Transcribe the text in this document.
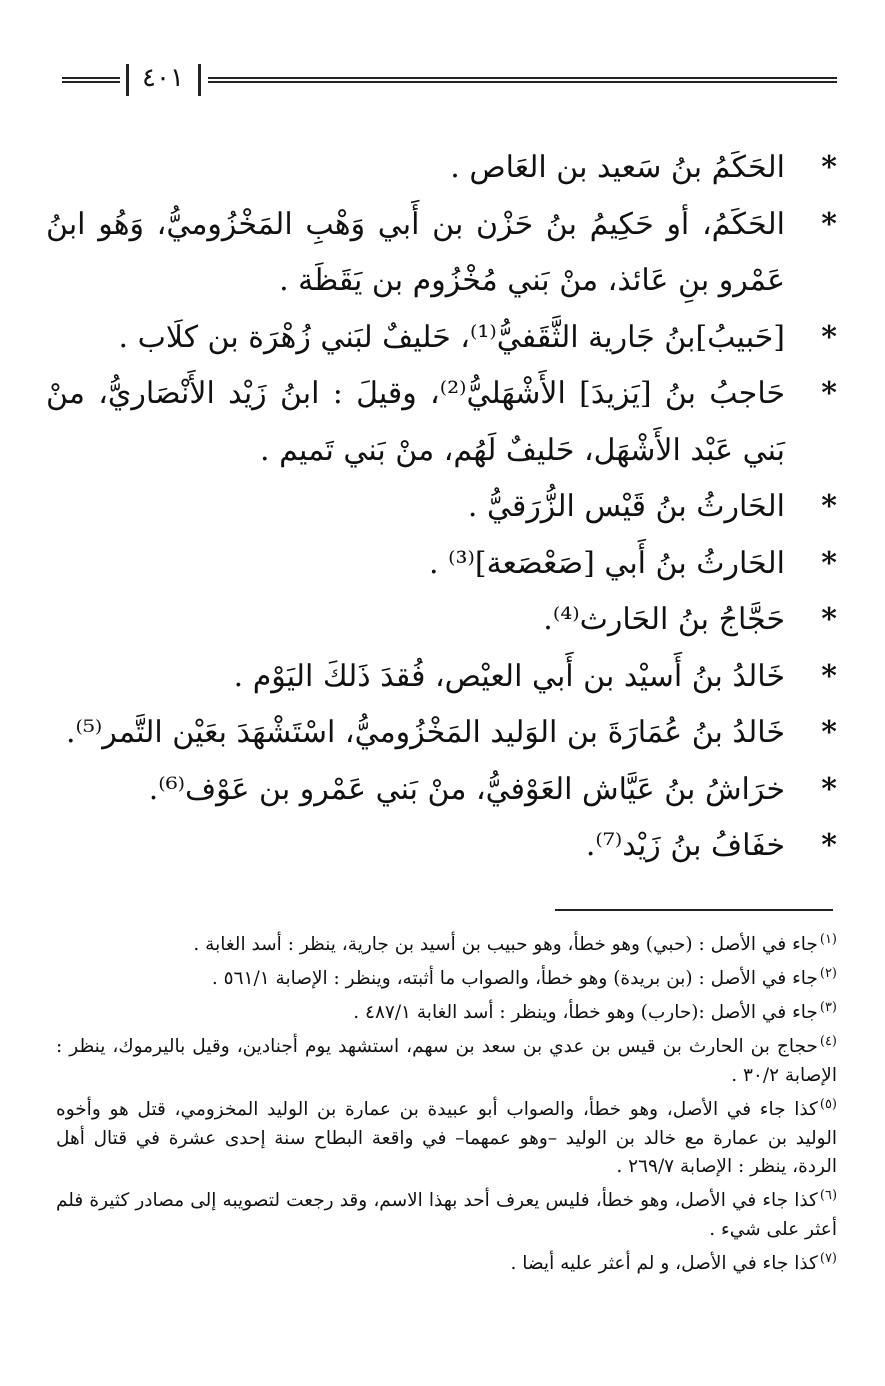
٤٠١
*
الحَكَمُ بنُ سَعيد بن العَاص .
*
الحَكَمُ، أو حَكِيمُ بنُ حَزْن بن أَبي وَهْبِ المَخْزُوميُّ، وَهُو ابنُ عَمْرو بنِ عَائذ، منْ بَني مُخْزُوم بن يَقَظَة .
*
[حَبيبُ]بنُ جَارية الثَّقَفيُّ⁽¹⁾، حَليفٌ لبَني زُهْرَة بن كلَاب .
*
حَاجبُ بنُ [يَزيدَ] الأَشْهَليُّ⁽²⁾، وقيلَ : ابنُ زَيْد الأَنْصَاريُّ، منْ بَني عَبْد الأَشْهَل، حَليفٌ لَهُم، منْ بَني تَميم .
*
الحَارثُ بنُ قَيْس الزُّرَقيُّ .
*
الحَارثُ بنُ أَبي [صَعْصَعة]⁽³⁾ .
*
حَجَّاجُ بنُ الحَارث⁽⁴⁾.
*
خَالدُ بنُ أَسيْد بن أَبي العيْص، فُقدَ ذَلكَ اليَوْم .
*
خَالدُ بنُ عُمَارَةَ بن الوَليد المَخْزُوميُّ، اسْتَشْهَدَ بعَيْن التَّمر⁽⁵⁾.
*
خرَاشُ بنُ عَيَّاش العَوْفيُّ، منْ بَني عَمْرو بن عَوْف⁽⁶⁾.
*
خفَافُ بنُ زَيْد⁽⁷⁾.
$^{(١)}$جاء في الأصل : (حبي) وهو خطأ، وهو حبيب بن أسيد بن جارية، ينظر : أسد الغابة .
$^{(٢)}$جاء في الأصل : (بن بريدة) وهو خطأ، والصواب ما أثبته، وينظر : الإصابة ٥٦١/١ .
$^{(٣)}$جاء في الأصل :(حارب) وهو خطأ، وينظر : أسد الغابة ٤٨٧/١ .
$^{(٤)}$حجاج بن الحارث بن قيس بن عدي بن سعد بن سهم، استشهد يوم أجنادين، وقيل باليرموك، ينظر : الإصابة ٣٠/٢ .
$^{(٥)}$كذا جاء في الأصل، وهو خطأ، والصواب أبو عبيدة بن عمارة بن الوليد المخزومي، قتل هو وأخوه الوليد بن عمارة مع خالد بن الوليد –وهو عمهما– في واقعة البطاح سنة إحدى عشرة في قتال أهل الردة، ينظر : الإصابة ٢٦٩/٧ .
$^{(٦)}$كذا جاء في الأصل، وهو خطأ، فليس يعرف أحد بهذا الاسم، وقد رجعت لتصويبه إلى مصادر كثيرة فلم أعثر على شيء .
$^{(٧)}$كذا جاء في الأصل، و لم أعثر عليه أيضا .
